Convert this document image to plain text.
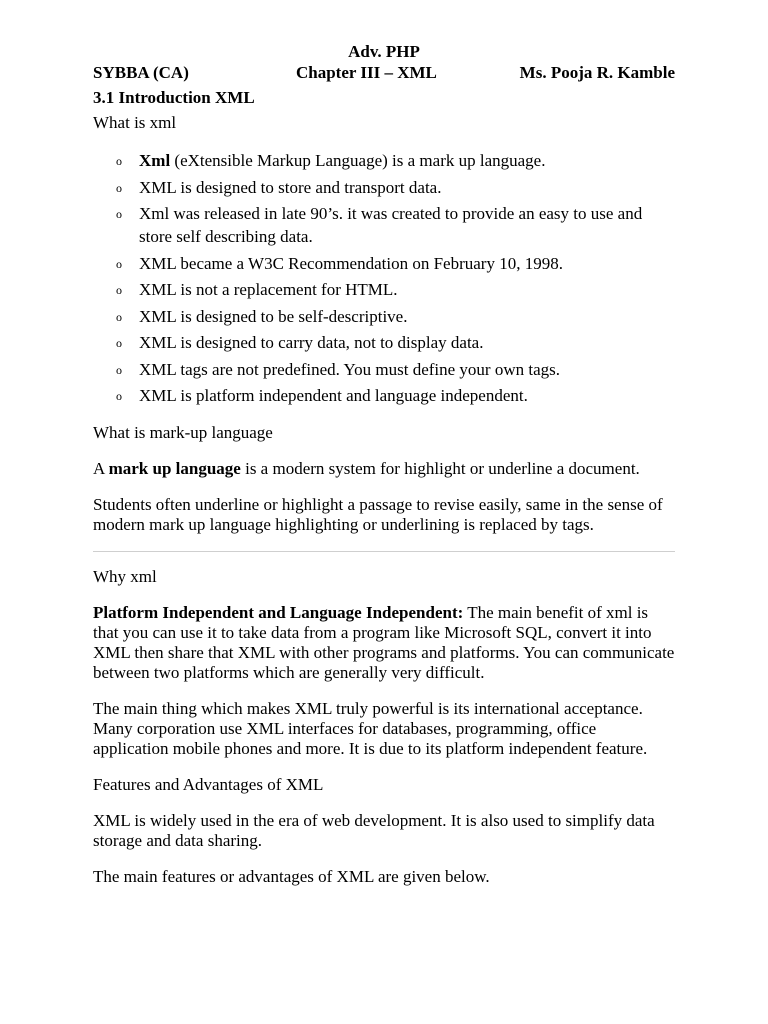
Adv. PHP
SYBBA (CA)	Chapter III – XML	Ms. Pooja R. Kamble
3.1 Introduction XML

What is xml

o Xml (eXtensible Markup Language) is a mark up language.
o XML is designed to store and transport data.
o Xml was released in late 90’s. it was created to provide an easy to use and store self describing data.
o XML became a W3C Recommendation on February 10, 1998.
o XML is not a replacement for HTML.
o XML is designed to be self-descriptive.
o XML is designed to carry data, not to display data.
o XML tags are not predefined. You must define your own tags.
o XML is platform independent and language independent.

What is mark-up language

A mark up language is a modern system for highlight or underline a document.

Students often underline or highlight a passage to revise easily, same in the sense of modern mark up language highlighting or underlining is replaced by tags.

Why xml

Platform Independent and Language Independent: The main benefit of xml is that you can use it to take data from a program like Microsoft SQL, convert it into XML then share that XML with other programs and platforms. You can communicate between two platforms which are generally very difficult.

The main thing which makes XML truly powerful is its international acceptance. Many corporation use XML interfaces for databases, programming, office application mobile phones and more. It is due to its platform independent feature.

Features and Advantages of XML

XML is widely used in the era of web development. It is also used to simplify data storage and data sharing.

The main features or advantages of XML are given below.
